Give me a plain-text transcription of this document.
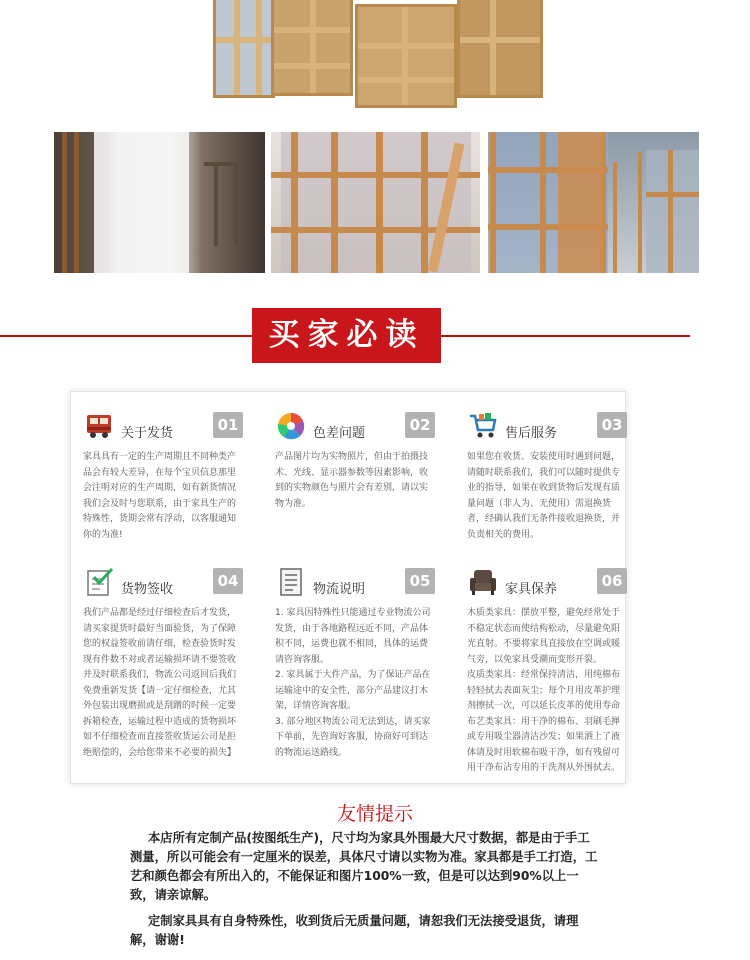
买家必读
关于发货	01

家具具有一定的生产周期且不同种类产品会有较大差异，在每个宝贝信息那里会注明对应的生产周期，如有新货情况我们会及时与您联系，由于家具生产的特殊性，货期会常有浮动，以客服通知你的为准!

色差问题	02

产品图片均为实物照片，但由于拍摄技术、光线、显示器参数等因素影响，收到的实物颜色与照片会有差别，请以实物为准。

售后服务	03

如果您在收货、安装使用时遇到问题，请随时联系我们，我们可以随时提供专业的指导，如果在收到货物后发现有质量问题（非人为、无使用）需退换货者，经确认我们无条件接收退换货，并负责相关的费用。

货物签收	04

我们产品都是经过仔细检查后才发货，请买家提货时最好当面验货，为了保障您的权益签收前请仔细，检查验货时发现有件数不对或者运输损坏请不要签收并及时联系我们，物流公司返回后我们免费重新发货【请一定仔细检查，尤其外包装出现磨损或是刮蹭的时候一定要拆箱检查，运输过程中造成的货物损坏如不仔细检查而直接签收货运公司是拒绝赔偿的，会给您带来不必要的损失】

物流说明	05

1. 家具因特殊性只能通过专业物流公司发货，由于各地路程远近不同，产品体积不同，运费也就不相同，具体的运费请咨询客服。

2. 家具属于大件产品，为了保证产品在运输途中的安全性，部分产品建议打木架，详情咨询客服。

3. 部分地区物流公司无法到达，请买家下单前，先咨询好客服，协商好可到达的物流运送路线。

家具保养	06

木质类家具：摆放平整，避免经常处于不稳定状态而使结构松动，尽量避免阳光直射。不要将家具直接放在空调或暖气旁，以免家具受潮而变形开裂。

皮质类家具：经常保持清洁，用纯棉布轻轻拭去表面灰尘；每个月用皮革护理剂擦拭一次，可以延长皮革的使用寿命

布艺类家具：用干净的棉布、羽刷毛掸或专用吸尘器清洁沙发；如果洒上了液体请及时用软棉布吸干净，如有残留可用干净布沾专用的干洗剂从外围拭去。

友情提示
本店所有定制产品(按图纸生产)，尺寸均为家具外围最大尺寸数据，都是由于手工测量，所以可能会有一定厘米的误差，具体尺寸请以实物为准。家具都是手工打造，工艺和颜色都会有所出入的，不能保证和图片100%一致，但是可以达到90%以上一致，请亲谅解。
定制家具具有自身特殊性，收到货后无质量问题，请恕我们无法接受退货，请理解，谢谢!
